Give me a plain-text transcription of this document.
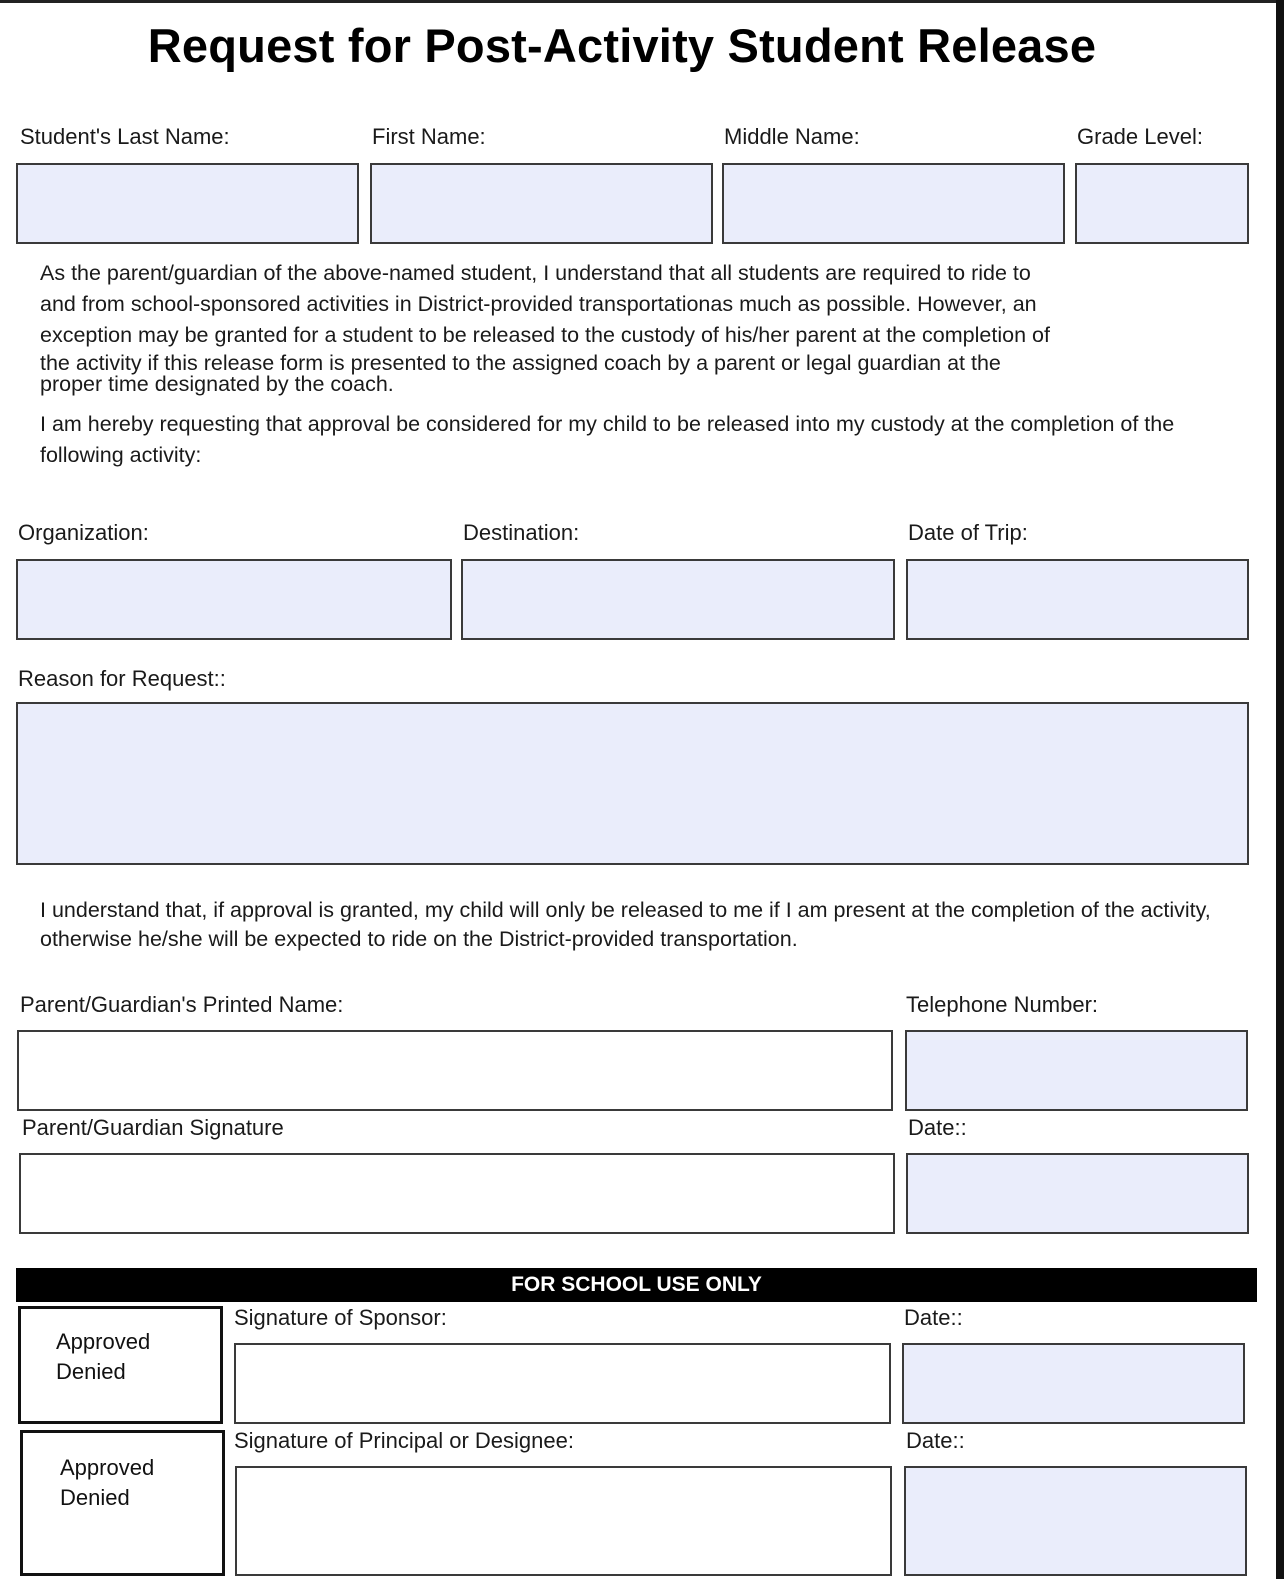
Request for Post-Activity Student Release
Student's Last Name:	First Name:	Middle Name:	Grade Level:

As the parent/guardian of the above-named student, I understand that all students are required to ride to

and from school-sponsored activities in District-provided transportationas much as possible. However, an

exception may be granted for a student to be released to the custody of his/her parent at the completion of

the activity if this release form is presented to the assigned coach by a parent or legal guardian at the

proper time designated by the coach.

I am hereby requesting that approval be considered for my child to be released into my custody at the completion of the following activity:
Organization:	Destination:	Date of Trip:
Reason for Request::
I understand that, if approval is granted, my child will only be released to me if I am present at the completion of the activity, otherwise he/she will be expected to ride on the District-provided transportation.
Parent/Guardian's Printed Name:	Telephone Number:
Parent/Guardian Signature	Date::
FOR SCHOOL USE ONLY
Approved
Denied
Signature of Sponsor:	Date::
Approved
Denied
Signature of Principal or Designee:	Date::
